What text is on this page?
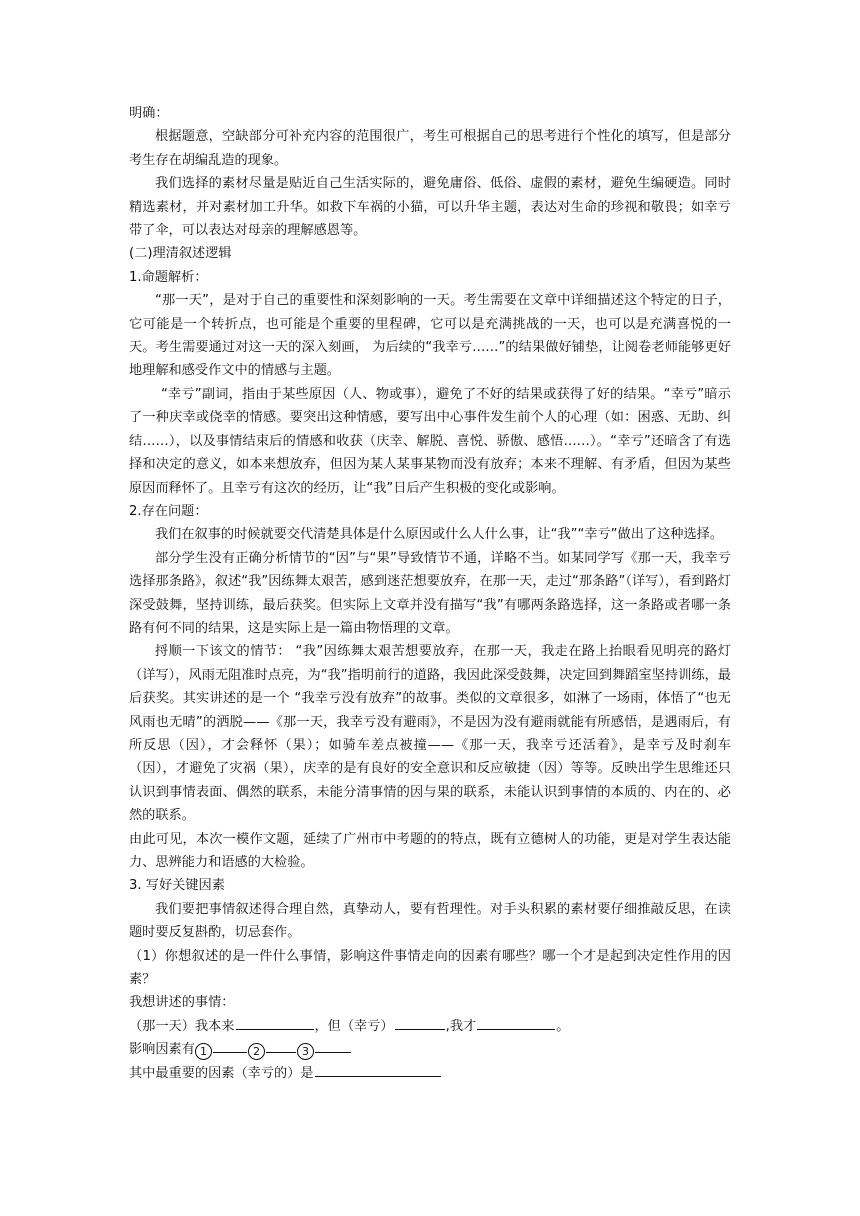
明确：

根据题意，空缺部分可补充内容的范围很广，考生可根据自己的思考进行个性化的填写，但是部分考生存在胡编乱造的现象。

我们选择的素材尽量是贴近自己生活实际的，避免庸俗、低俗、虚假的素材，避免生编硬造。同时精选素材，并对素材加工升华。如救下车祸的小猫，可以升华主题，表达对生命的珍视和敬畏；如幸亏带了伞，可以表达对母亲的理解感恩等。

(二)理清叙述逻辑

1.命题解析：

“那一天”，是对于自己的重要性和深刻影响的一天。考生需要在文章中详细描述这个特定的日子，它可能是一个转折点，也可能是个重要的里程碑，它可以是充满挑战的一天，也可以是充满喜悦的一天。考生需要通过对这一天的深入刻画， 为后续的“我幸亏……”的结果做好铺垫，让阅卷老师能够更好地理解和感受作文中的情感与主题。

“幸亏”副词，指由于某些原因（人、物或事），避免了不好的结果或获得了好的结果。“幸亏”暗示了一种庆幸或侥幸的情感。要突出这种情感，要写出中心事件发生前个人的心理（如：困惑、无助、纠结……），以及事情结束后的情感和收获（庆幸、解脱、喜悦、骄傲、感悟……）。“幸亏”还暗含了有选择和决定的意义，如本来想放弃，但因为某人某事某物而没有放弃；本来不理解、有矛盾，但因为某些原因而释怀了。且幸亏有这次的经历，让“我”日后产生积极的变化或影响。

2.存在问题：

我们在叙事的时候就要交代清楚具体是什么原因或什么人什么事，让“我”“幸亏”做出了这种选择。

部分学生没有正确分析情节的“因”与“果”导致情节不通，详略不当。如某同学写《那一天，我幸亏选择那条路》，叙述“我”因练舞太艰苦，感到迷茫想要放弃，在那一天，走过“那条路”（详写），看到路灯深受鼓舞，坚持训练，最后获奖。但实际上文章并没有描写“我”有哪两条路选择，这一条路或者哪一条路有何不同的结果，这是实际上是一篇由物悟理的文章。

捋顺一下该文的情节： “我”因练舞太艰苦想要放弃，在那一天，我走在路上抬眼看见明亮的路灯（详写），风雨无阻准时点亮，为“我”指明前行的道路，我因此深受鼓舞，决定回到舞蹈室坚持训练，最后获奖。其实讲述的是一个 “我幸亏没有放弃”的故事。类似的文章很多，如淋了一场雨，体悟了“也无风雨也无晴”的洒脱——《那一天，我幸亏没有避雨》，不是因为没有避雨就能有所感悟，是遇雨后，有所反思（因），才会释怀（果）；如骑车差点被撞——《那一天，我幸亏还活着》，是幸亏及时刹车（因），才避免了灾祸（果），庆幸的是有良好的安全意识和反应敏捷（因）等等。反映出学生思维还只认识到事情表面、偶然的联系，未能分清事情的因与果的联系，未能认识到事情的本质的、内在的、必然的联系。

由此可见，本次一模作文题，延续了广州市中考题的的特点，既有立德树人的功能，更是对学生表达能力、思辨能力和语感的大检验。

3. 写好关键因素

我们要把事情叙述得合理自然，真挚动人，要有哲理性。对手头积累的素材要仔细推敲反思，在读题时要反复斟酌，切忌套作。

（1）你想叙述的是一件什么事情，影响这件事情走向的因素有哪些？哪一个才是起到决定性作用的因素？

我想讲述的事情：

（那一天）我本来	，但（幸亏）	,我才	。

影响因素有 1	2	3

其中最重要的因素（幸亏的）是
